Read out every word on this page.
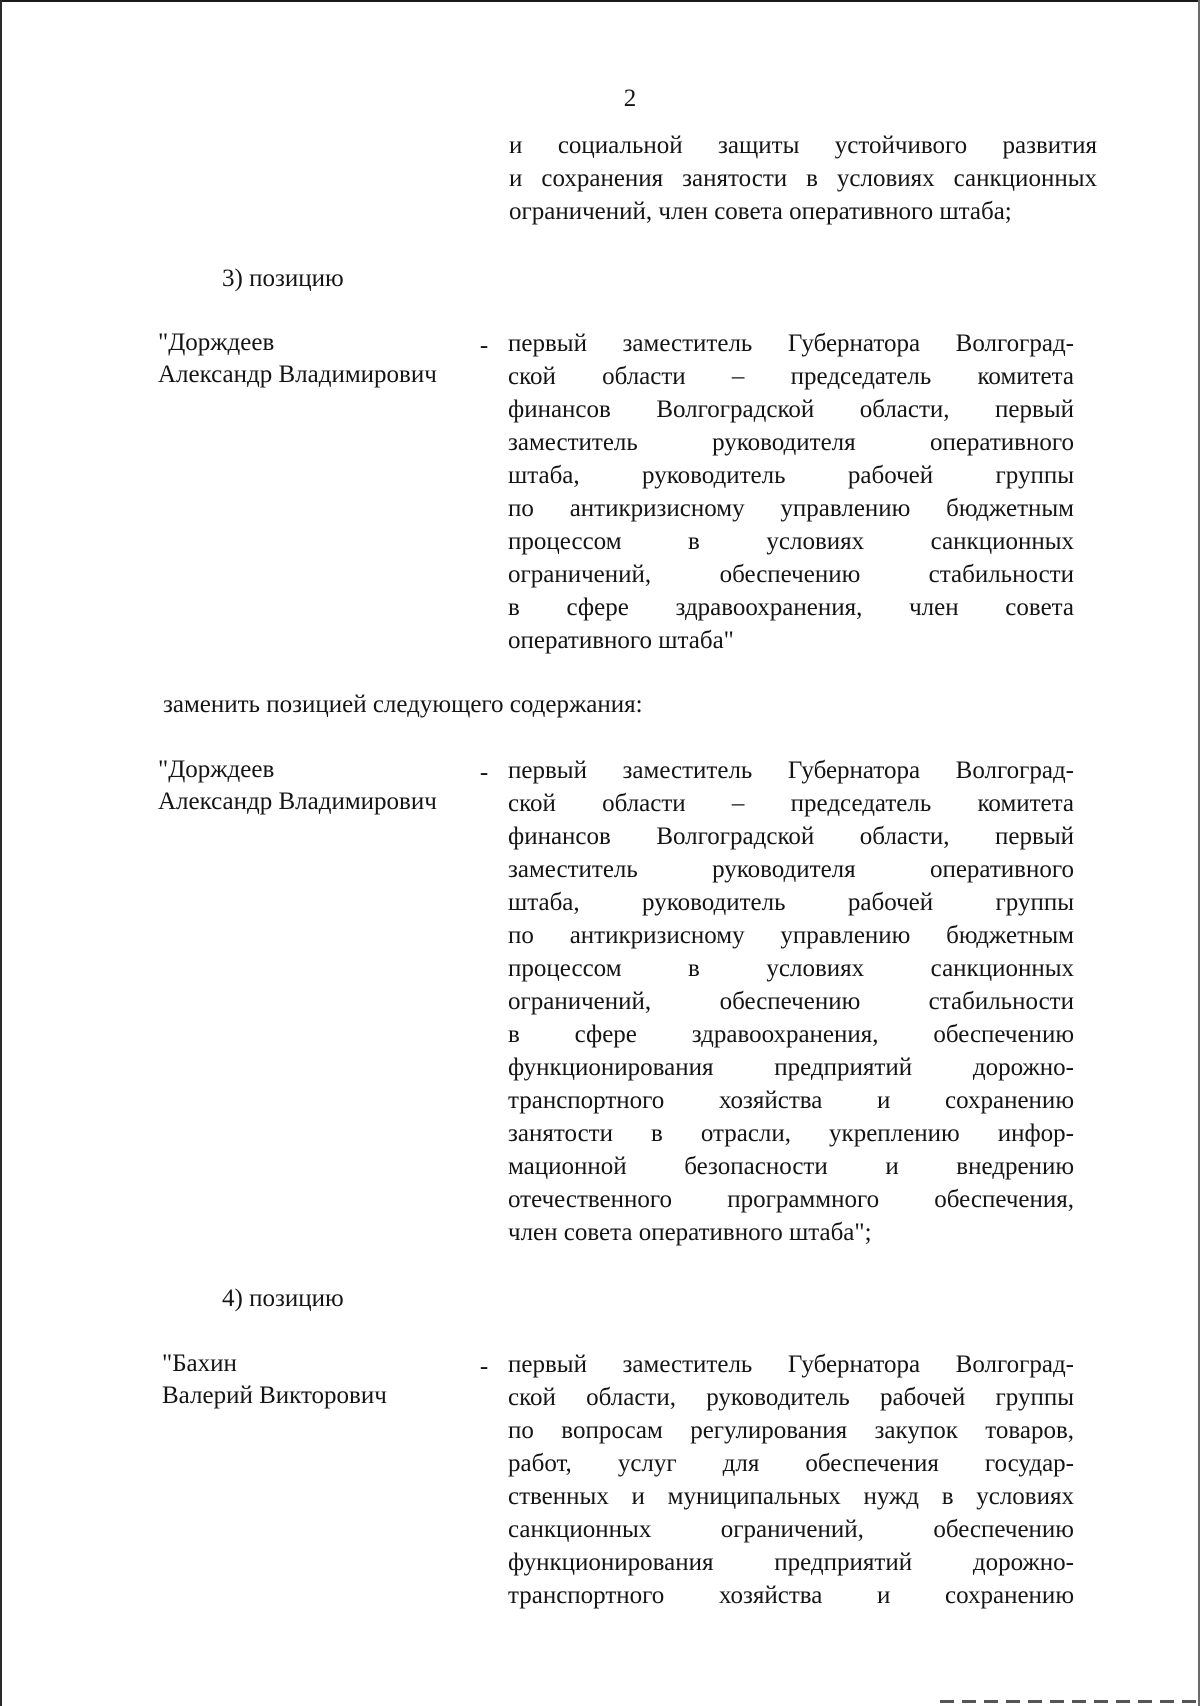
2
и социальной защиты устойчивого развития
и сохранения занятости в условиях санкционных
ограничений, член совета оперативного штаба;
3) позицию
"Дорждеев
Александр Владимирович
- первый заместитель Губернатора Волгоград-
ской области – председатель комитета
финансов Волгоградской области, первый
заместитель руководителя оперативного
штаба, руководитель рабочей группы
по антикризисному управлению бюджетным
процессом в условиях санкционных
ограничений, обеспечению стабильности
в сфере здравоохранения, член совета
оперативного штаба"
заменить позицией следующего содержания:
"Дорждеев
Александр Владимирович
- первый заместитель Губернатора Волгоград-
ской области – председатель комитета
финансов Волгоградской области, первый
заместитель руководителя оперативного
штаба, руководитель рабочей группы
по антикризисному управлению бюджетным
процессом в условиях санкционных
ограничений, обеспечению стабильности
в сфере здравоохранения, обеспечению
функционирования предприятий дорожно-
транспортного хозяйства и сохранению
занятости в отрасли, укреплению инфор-
мационной безопасности и внедрению
отечественного программного обеспечения,
член совета оперативного штаба";
4) позицию
"Бахин
Валерий Викторович
- первый заместитель Губернатора Волгоград-
ской области, руководитель рабочей группы
по вопросам регулирования закупок товаров,
работ, услуг для обеспечения государ-
ственных и муниципальных нужд в условиях
санкционных ограничений, обеспечению
функционирования предприятий дорожно-
транспортного хозяйства и сохранению
